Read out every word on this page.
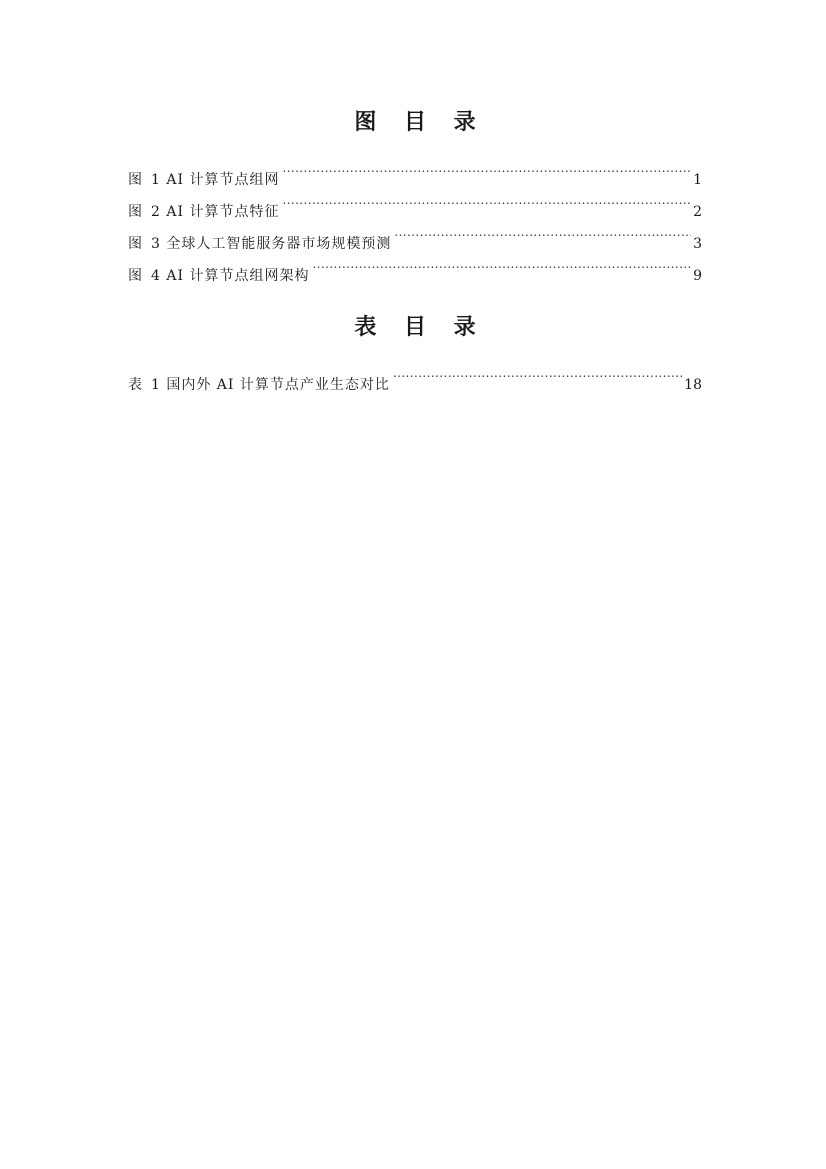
图 目 录
图 1 AI 计算节点组网 .....	1
图 2 AI 计算节点特征 .....	2
图 3 全球人工智能服务器市场规模预测 .....	3
图 4 AI 计算节点组网架构 .....	9
表 目 录
表 1 国内外 AI 计算节点产业生态对比 .....	18
